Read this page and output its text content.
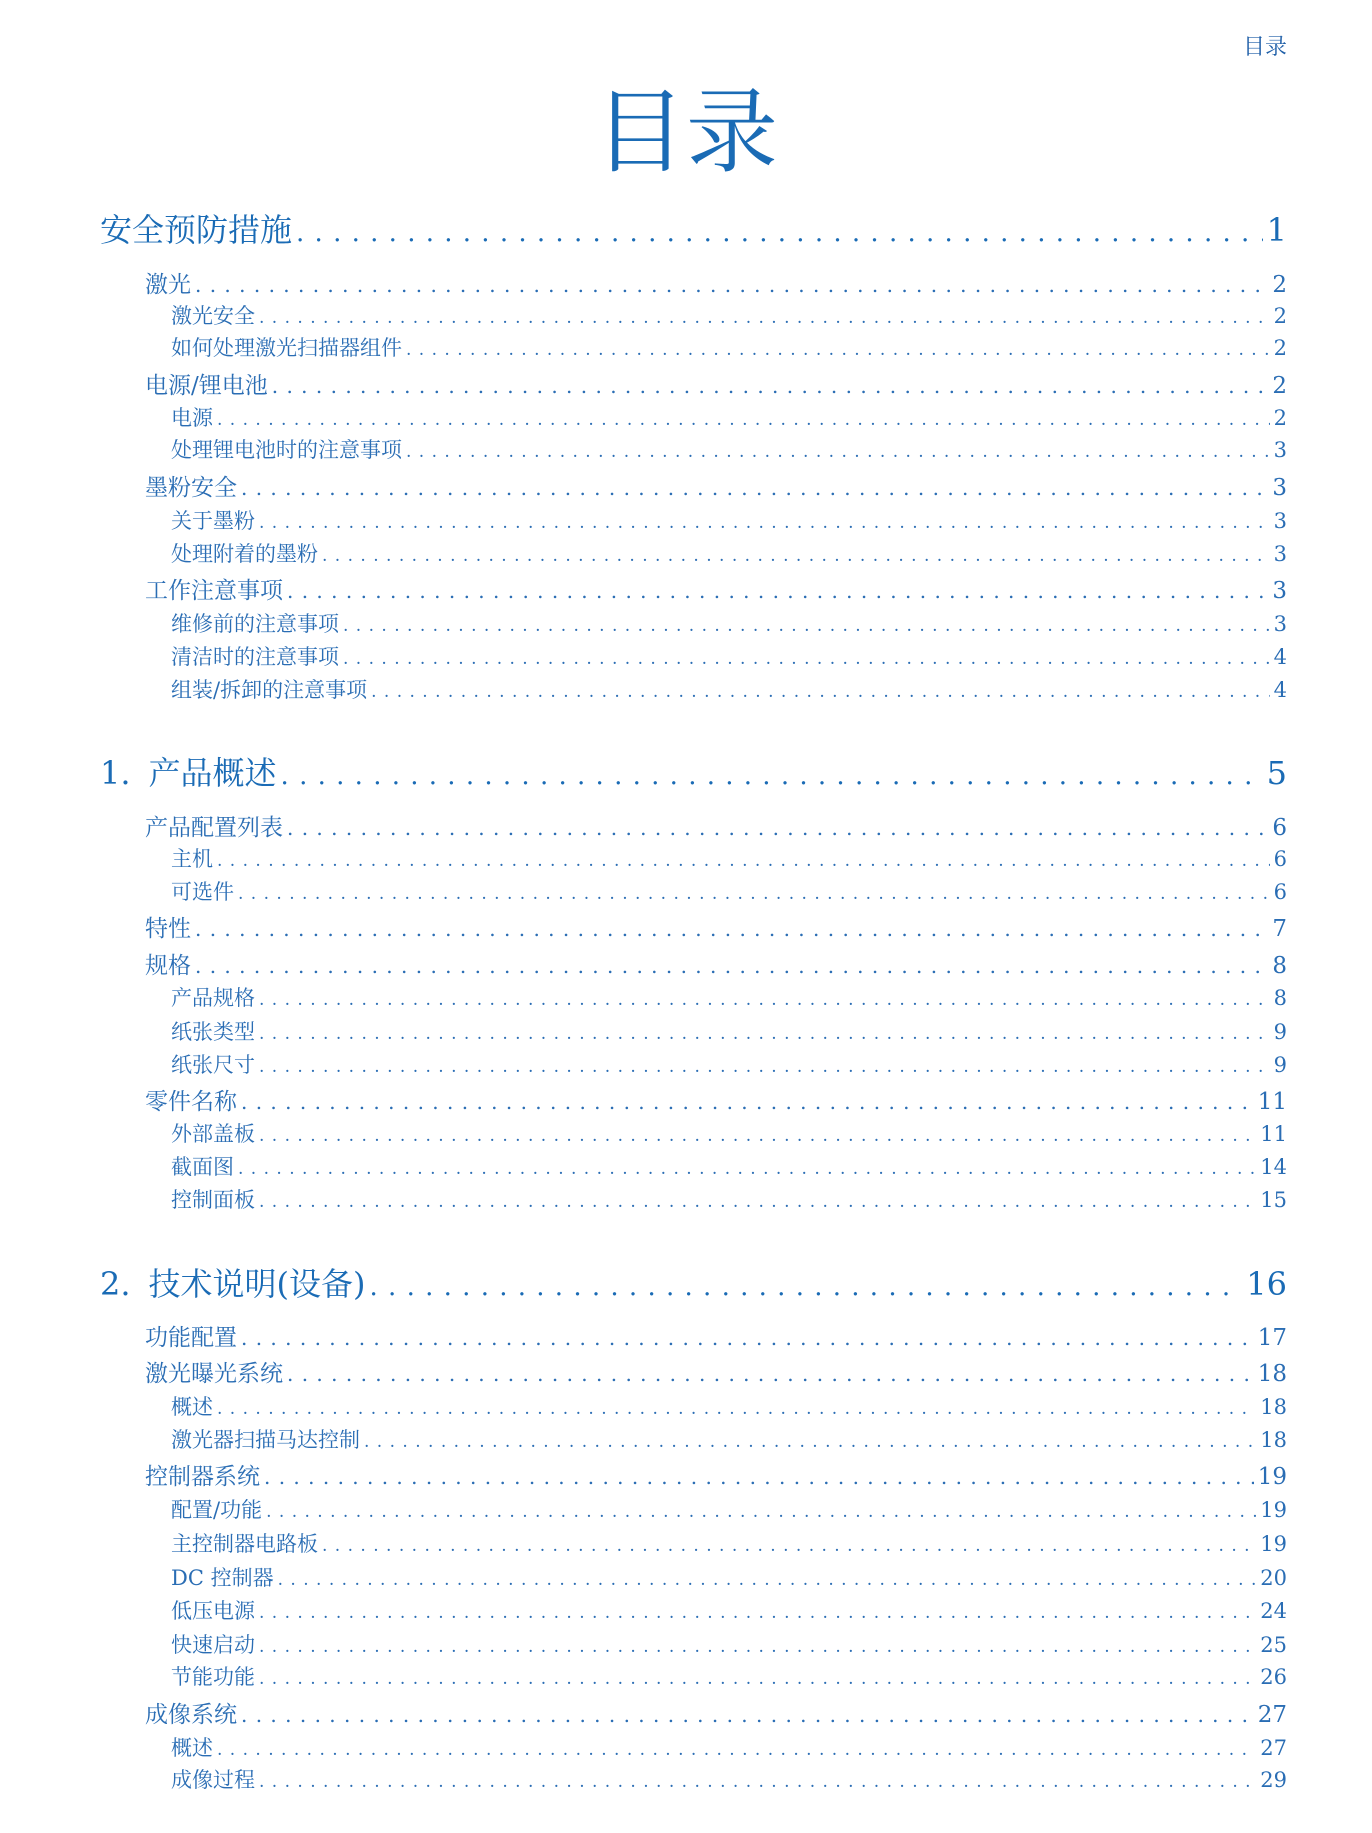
目录
目录
安全预防措施 . . .	1
激光 . . .	2
激光安全 . . .	2
如何处理激光扫描器组件 . . .	2
电源/锂电池 . . .	2
电源 . . .	2
处理锂电池时的注意事项 . . .	3
墨粉安全 . . .	3
关于墨粉 . . .	3
处理附着的墨粉 . . .	3
工作注意事项 . . .	3
维修前的注意事项 . . .	3
清洁时的注意事项 . . .	4
组装/拆卸的注意事项 . . .	4
1. 产品概述 . . .	5
产品配置列表 . . .	6
主机 . . .	6
可选件 . . .	6
特性 . . .	7
规格 . . .	8
产品规格 . . .	8
纸张类型 . . .	9
纸张尺寸 . . .	9
零件名称 . . .	11
外部盖板 . . .	11
截面图 . . .	14
控制面板 . . .	15
2. 技术说明(设备) . . .	16
功能配置 . . .	17
激光曝光系统 . . .	18
概述 . . .	18
激光器扫描马达控制 . . .	18
控制器系统 . . .	19
配置/功能 . . .	19
主控制器电路板 . . .	19
DC 控制器 . . .	20
低压电源 . . .	24
快速启动 . . .	25
节能功能 . . .	26
成像系统 . . .	27
概述 . . .	27
成像过程 . . .	29
